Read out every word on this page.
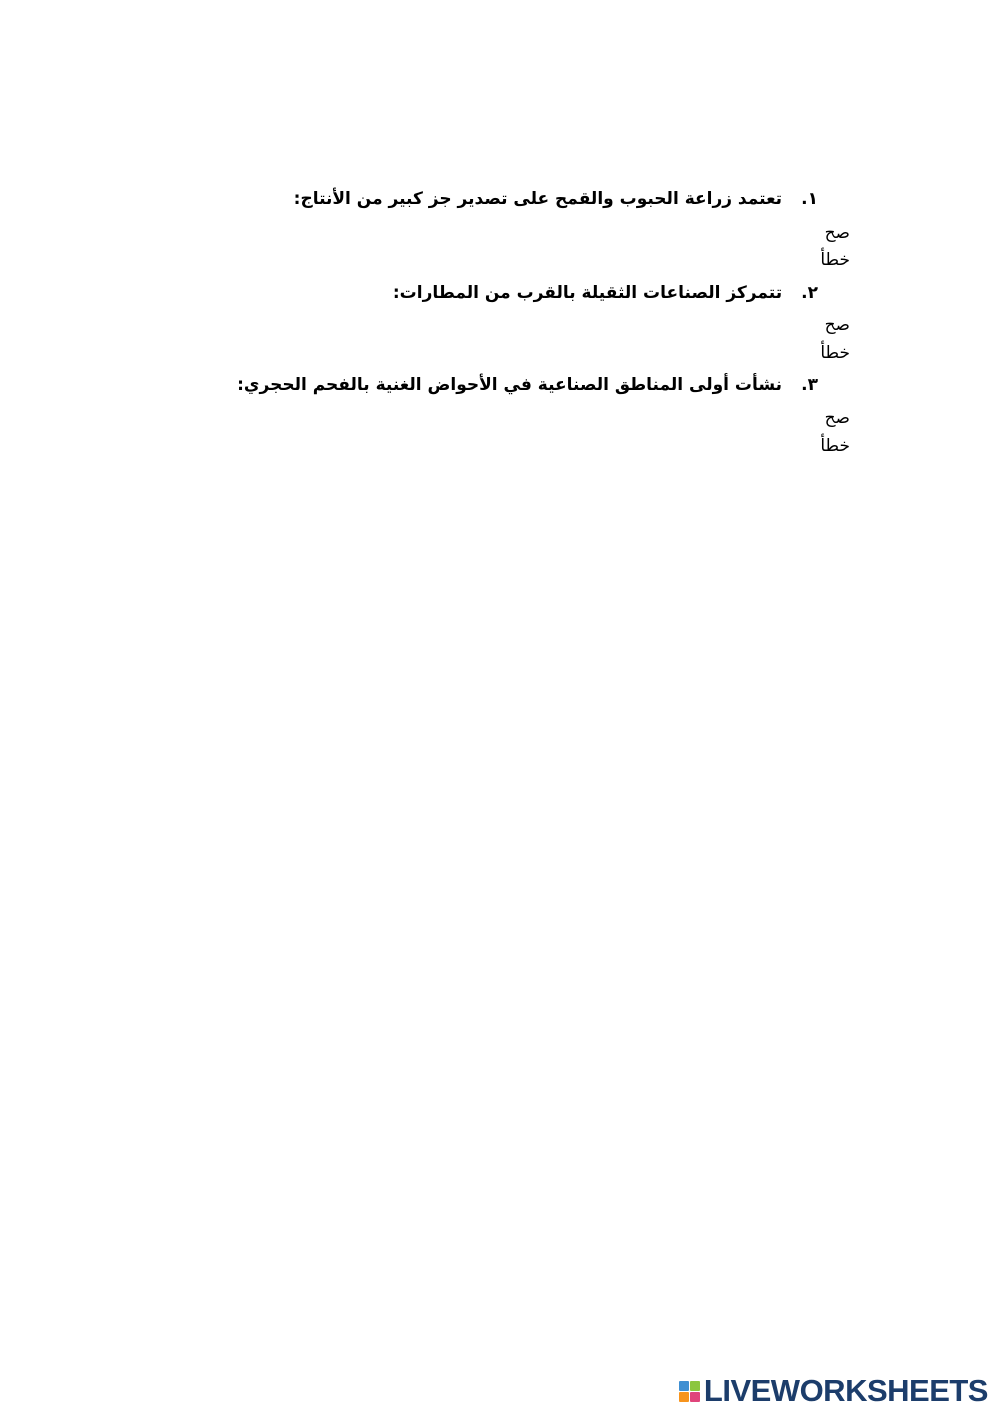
١. تعتمد زراعة الحبوب والقمح على تصدير جز كبير من الأنتاج:
صح
خطأ
٢. تتمركز الصناعات الثقيلة بالقرب من المطارات:
صح
خطأ
٣. نشأت أولى المناطق الصناعية في الأحواض الغنية بالفحم الحجري:
صح
خطأ
LIVEWORKSHEETS
